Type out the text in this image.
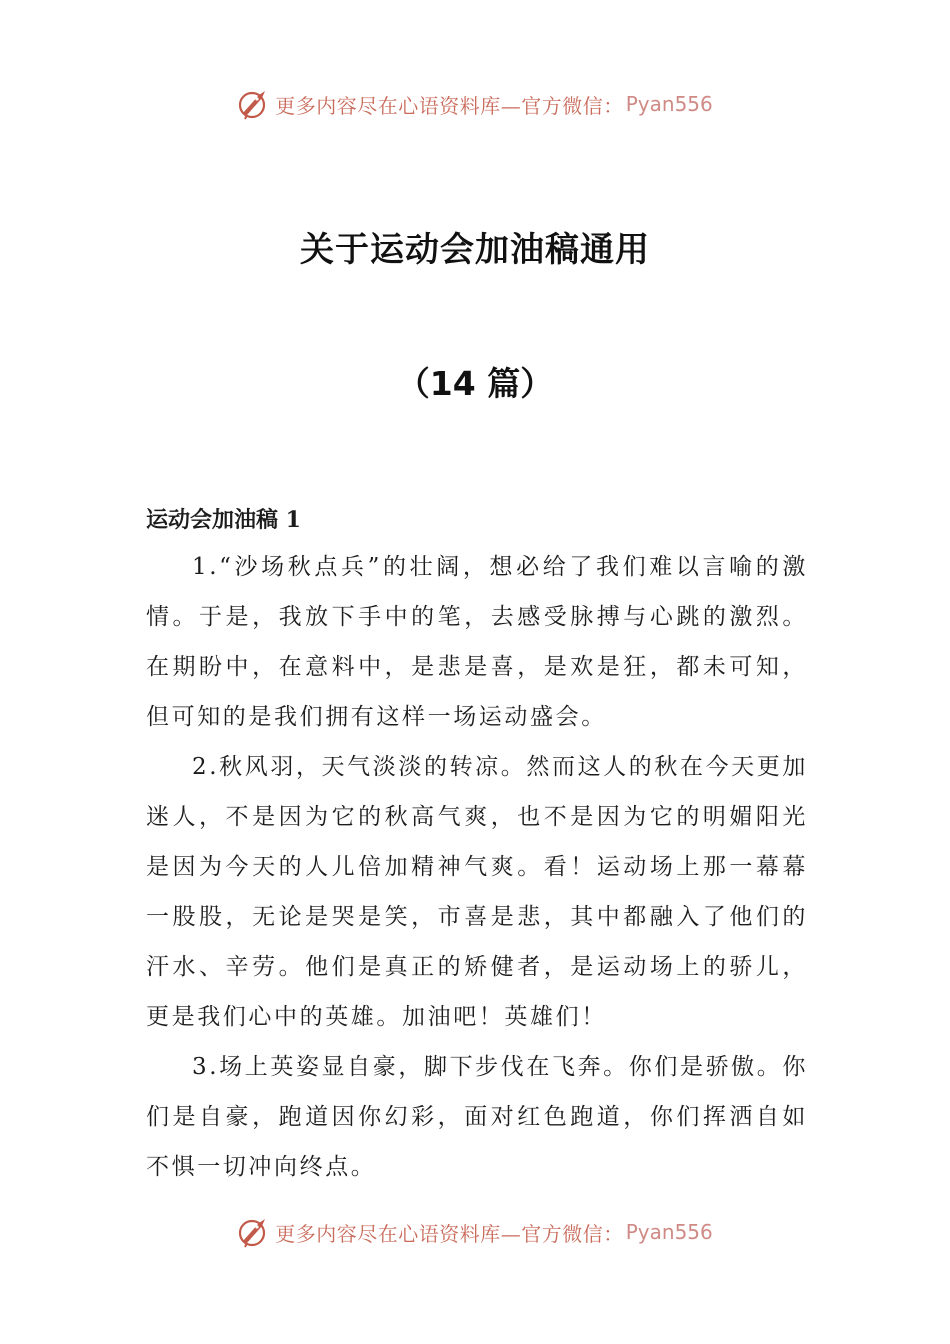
更多内容尽在心语资料库—官方微信： Pyan556
关于运动会加油稿通用
（14 篇）
运动会加油稿 1

1.“沙场秋点兵”的壮阔，想必给了我们难以言喻的激情。于是，我放下手中的笔，去感受脉搏与心跳的激烈。在期盼中，在意料中，是悲是喜，是欢是狂，都未可知，但可知的是我们拥有这样一场运动盛会。

2.秋风羽，天气淡淡的转凉。然而这人的秋在今天更加迷人，不是因为它的秋高气爽，也不是因为它的明媚阳光是因为今天的人儿倍加精神气爽。看！运动场上那一幕幕一股股，无论是哭是笑，市喜是悲，其中都融入了他们的汗水、辛劳。他们是真正的矫健者，是运动场上的骄儿，更是我们心中的英雄。加油吧！英雄们！

3.场上英姿显自豪，脚下步伐在飞奔。你们是骄傲。你们是自豪，跑道因你幻彩，面对红色跑道，你们挥洒自如不惧一切冲向终点。

更多内容尽在心语资料库—官方微信： Pyan556
